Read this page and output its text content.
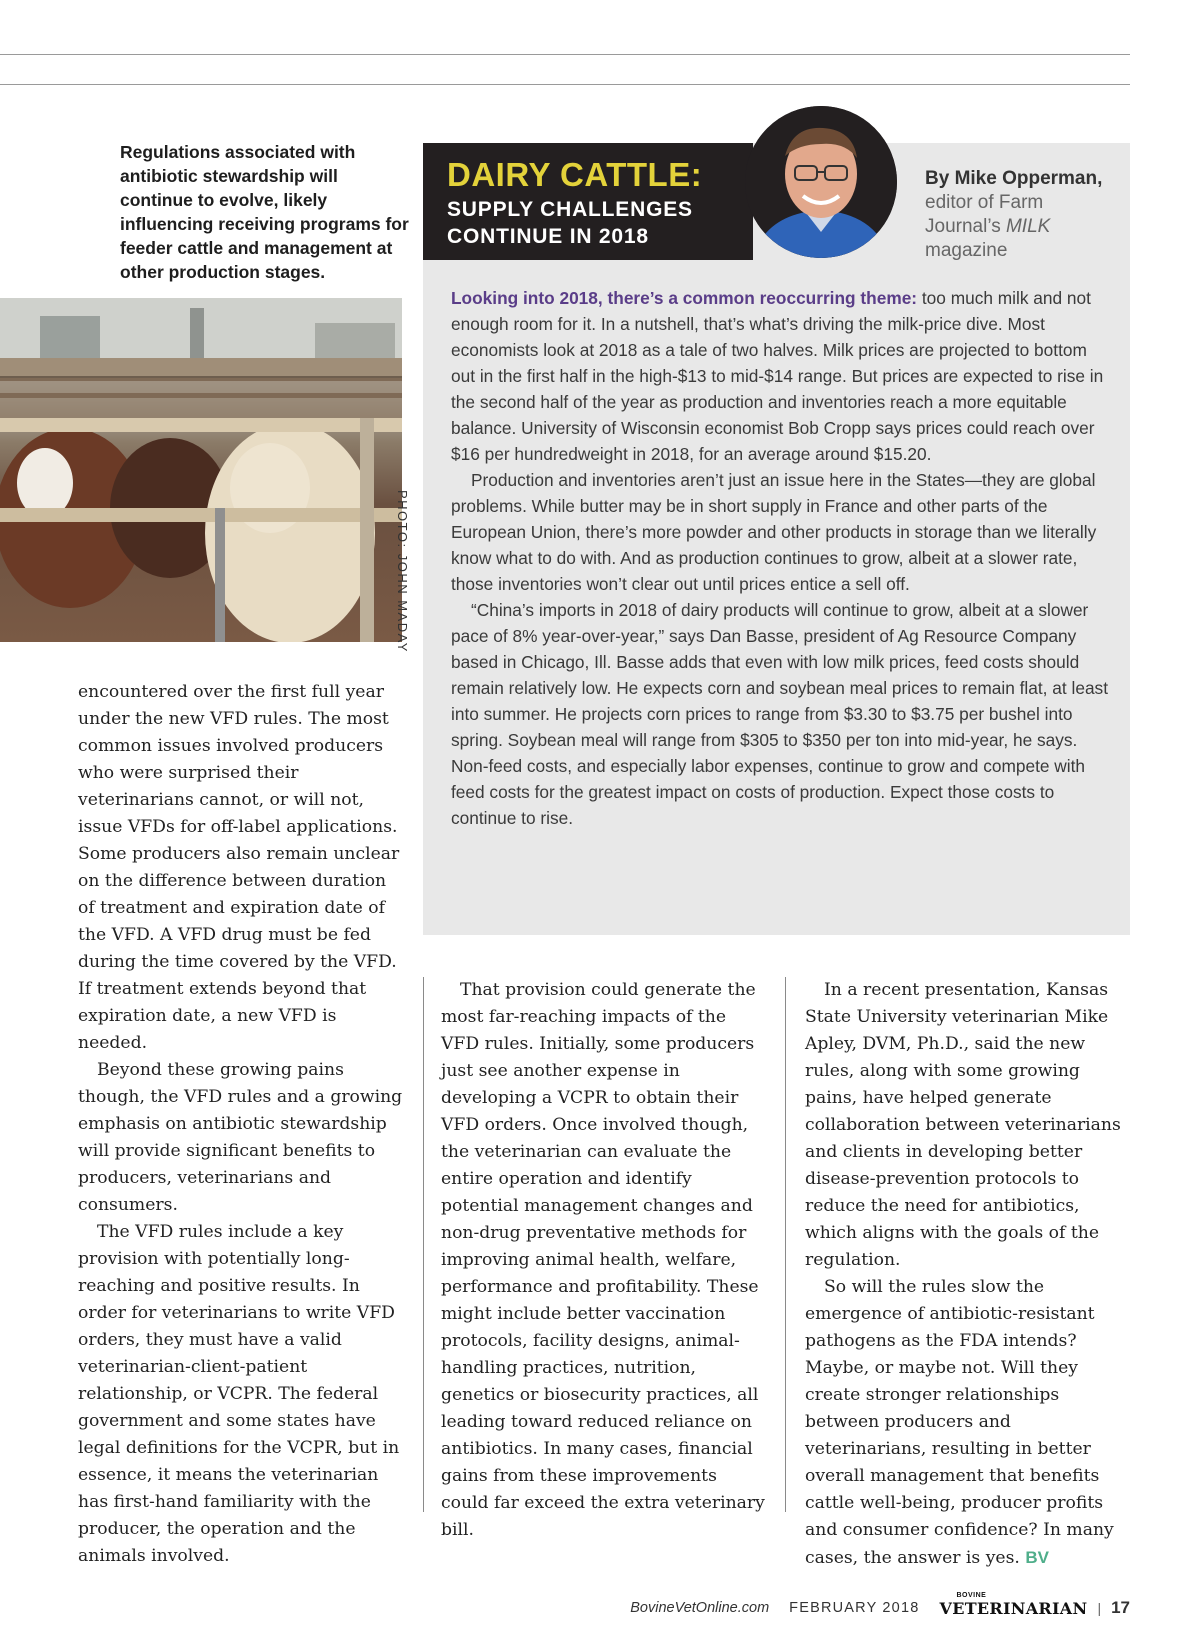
Regulations associated with antibiotic stewardship will continue to evolve, likely influencing receiving programs for feeder cattle and management at other production stages.
PHOTO: JOHN MADAY

encountered over the first full year under the new VFD rules. The most common issues involved producers who were surprised their veterinarians cannot, or will not, issue VFDs for off-label applications. Some producers also remain unclear on the difference between duration of treatment and expiration date of the VFD. A VFD drug must be fed during the time covered by the VFD. If treatment extends beyond that expiration date, a new VFD is needed.

Beyond these growing pains though, the VFD rules and a growing emphasis on antibiotic stewardship will provide significant benefits to producers, veterinarians and consumers.

The VFD rules include a key provision with potentially long-reaching and positive results. In order for veterinarians to write VFD orders, they must have a valid veterinarian-client-patient relationship, or VCPR. The federal government and some states have legal definitions for the VCPR, but in essence, it means the veterinarian has first-hand familiarity with the producer, the operation and the animals involved.

DAIRY CATTLE:
SUPPLY CHALLENGES CONTINUE IN 2018
By Mike Opperman,
editor of Farm Journal’s MILK
magazine

Looking into 2018, there’s a common reoccurring theme: too much milk and not enough room for it. In a nutshell, that’s what’s driving the milk-price dive. Most economists look at 2018 as a tale of two halves. Milk prices are projected to bottom out in the first half in the high-$13 to mid-$14 range. But prices are expected to rise in the second half of the year as production and inventories reach a more equitable balance. University of Wisconsin economist Bob Cropp says prices could reach over $16 per hundredweight in 2018, for an average around $15.20.

Production and inventories aren’t just an issue here in the States—they are global problems. While butter may be in short supply in France and other parts of the European Union, there’s more powder and other products in storage than we literally know what to do with. And as production continues to grow, albeit at a slower rate, those inventories won’t clear out until prices entice a sell off.

“China’s imports in 2018 of dairy products will continue to grow, albeit at a slower pace of 8% year-over-year,” says Dan Basse, president of Ag Resource Company based in Chicago, Ill. Basse adds that even with low milk prices, feed costs should remain relatively low. He expects corn and soybean meal prices to remain flat, at least into summer. He projects corn prices to range from $3.30 to $3.75 per bushel into spring. Soybean meal will range from $305 to $350 per ton into mid-year, he says. Non-feed costs, and especially labor expenses, continue to grow and compete with feed costs for the greatest impact on costs of production. Expect those costs to continue to rise.

That provision could generate the most far-reaching impacts of the VFD rules. Initially, some producers just see another expense in developing a VCPR to obtain their VFD orders. Once involved though, the veterinarian can evaluate the entire operation and identify potential management changes and non-drug preventative methods for improving animal health, welfare, performance and profitability. These might include better vaccination protocols, facility designs, animal-handling practices, nutrition, genetics or biosecurity practices, all leading toward reduced reliance on antibiotics. In many cases, financial gains from these improvements could far exceed the extra veterinary bill.

In a recent presentation, Kansas State University veterinarian Mike Apley, DVM, Ph.D., said the new rules, along with some growing pains, have helped generate collaboration between veterinarians and clients in developing better disease-prevention protocols to reduce the need for antibiotics, which aligns with the goals of the regulation.

So will the rules slow the emergence of antibiotic-resistant pathogens as the FDA intends? Maybe, or maybe not. Will they create stronger relationships between producers and veterinarians, resulting in better overall management that benefits cattle well-being, producer profits and consumer confidence? In many cases, the answer is yes. BV

BovineVetOnline.com FEBRUARY 2018
BOVINE
VETERINARIAN | 17
